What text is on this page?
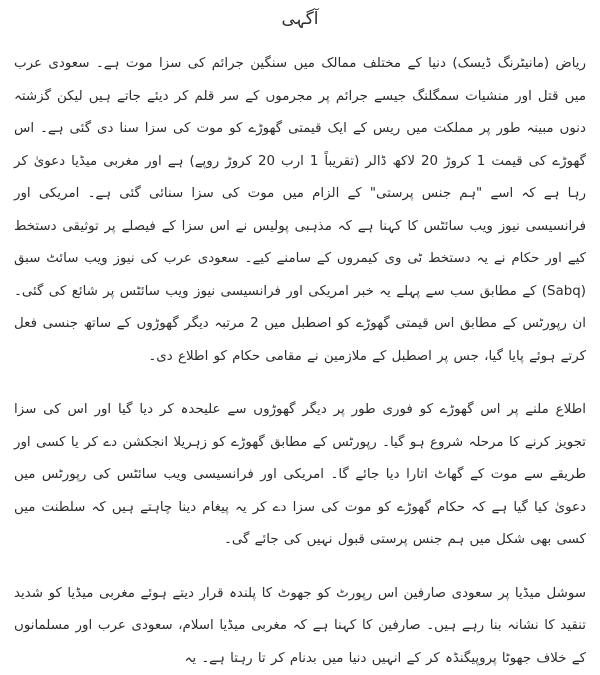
آگہی

ریاض (مانیٹرنگ ڈیسک) دنیا کے مختلف ممالک میں سنگین جرائم کی سزا موت ہے۔ سعودی عرب میں قتل اور منشیات سمگلنگ جیسے جرائم پر مجرموں کے سر قلم کر دیئے جاتے ہیں لیکن گزشتہ دنوں مبینہ طور پر مملکت میں ریس کے ایک قیمتی گھوڑے کو موت کی سزا سنا دی گئی ہے۔ اس گھوڑے کی قیمت 1 کروڑ 20 لاکھ ڈالر (تقریباً 1 ارب 20 کروڑ روپے) ہے اور مغربی میڈیا دعویٰ کر رہا ہے کہ اسے "ہم جنس پرستی" کے الزام میں موت کی سزا سنائی گئی ہے۔ امریکی اور فرانسیسی نیوز ویب سائٹس کا کہنا ہے کہ مذہبی پولیس نے اس سزا کے فیصلے پر توثیقی دستخط کیے اور حکام نے یہ دستخط ٹی وی کیمروں کے سامنے کیے۔ سعودی عرب کی نیوز ویب سائٹ سبق (Sabq) کے مطابق سب سے پہلے یہ خبر امریکی اور فرانسیسی نیوز ویب سائٹس پر شائع کی گئی۔ ان رپورٹس کے مطابق اس قیمتی گھوڑے کو اصطبل میں 2 مرتبہ دیگر گھوڑوں کے ساتھ جنسی فعل کرتے ہوئے پایا گیا، جس پر اصطبل کے ملازمین نے مقامی حکام کو اطلاع دی۔

اطلاع ملنے پر اس گھوڑے کو فوری طور پر دیگر گھوڑوں سے علیحدہ کر دیا گیا اور اس کی سزا تجویز کرنے کا مرحلہ شروع ہو گیا۔ رپورٹس کے مطابق گھوڑے کو زہریلا انجکشن دے کر یا کسی اور طریقے سے موت کے گھاٹ اتارا دیا جائے گا۔ امریکی اور فرانسیسی ویب سائٹس کی رپورٹس میں دعویٰ کیا گیا ہے کہ حکام گھوڑے کو موت کی سزا دے کر یہ پیغام دینا چاہتے ہیں کہ سلطنت میں کسی بھی شکل میں ہم جنس پرستی قبول نہیں کی جائے گی۔

سوشل میڈیا پر سعودی صارفین اس رپورٹ کو جھوٹ کا پلندہ قرار دیتے ہوئے مغربی میڈیا کو شدید تنقید کا نشانہ بنا رہے ہیں۔ صارفین کا کہنا ہے کہ مغربی میڈیا اسلام، سعودی عرب اور مسلمانوں کے خلاف جھوٹا پروپیگنڈہ کر کے انہیں دنیا میں بدنام کر تا رہتا ہے۔ یہ
